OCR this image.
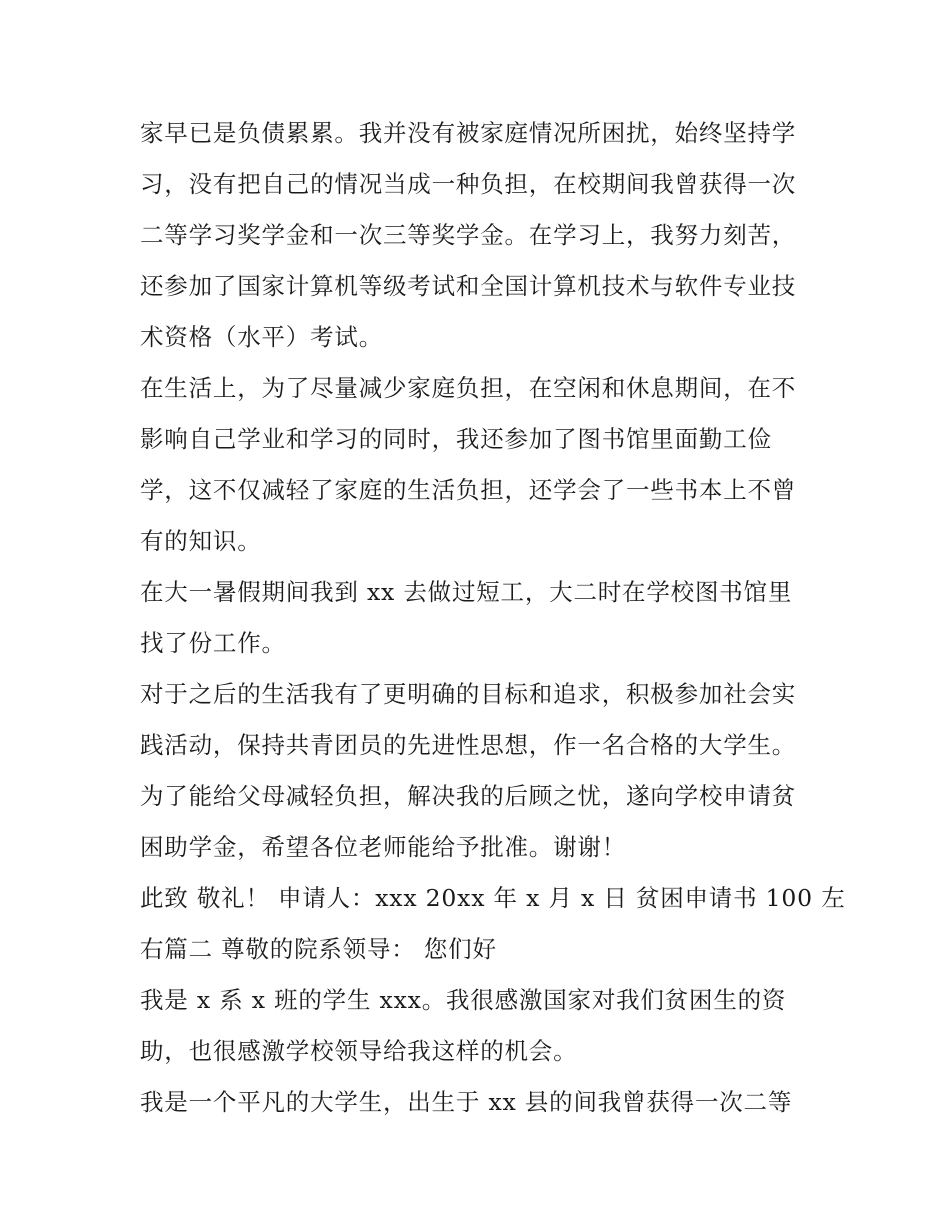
家早已是负债累累。我并没有被家庭情况所困扰，始终坚持学
习，没有把自己的情况当成一种负担，在校期间我曾获得一次
二等学习奖学金和一次三等奖学金。在学习上，我努力刻苦，
还参加了国家计算机等级考试和全国计算机技术与软件专业技
术资格（水平）考试。
在生活上，为了尽量减少家庭负担，在空闲和休息期间，在不
影响自己学业和学习的同时，我还参加了图书馆里面勤工俭
学，这不仅减轻了家庭的生活负担，还学会了一些书本上不曾
有的知识。
在大一暑假期间我到 xx 去做过短工，大二时在学校图书馆里
找了份工作。
对于之后的生活我有了更明确的目标和追求，积极参加社会实
践活动，保持共青团员的先进性思想，作一名合格的大学生。
为了能给父母减轻负担，解决我的后顾之忧，遂向学校申请贫
困助学金，希望各位老师能给予批准。谢谢！
此致 敬礼！ 申请人：xxx 20xx 年 x 月 x 日 贫困申请书 100 左
右篇二 尊敬的院系领导： 您们好
我是 x 系 x 班的学生 xxx。我很感激国家对我们贫困生的资
助，也很感激学校领导给我这样的机会。
我是一个平凡的大学生，出生于 xx 县的间我曾获得一次二等
